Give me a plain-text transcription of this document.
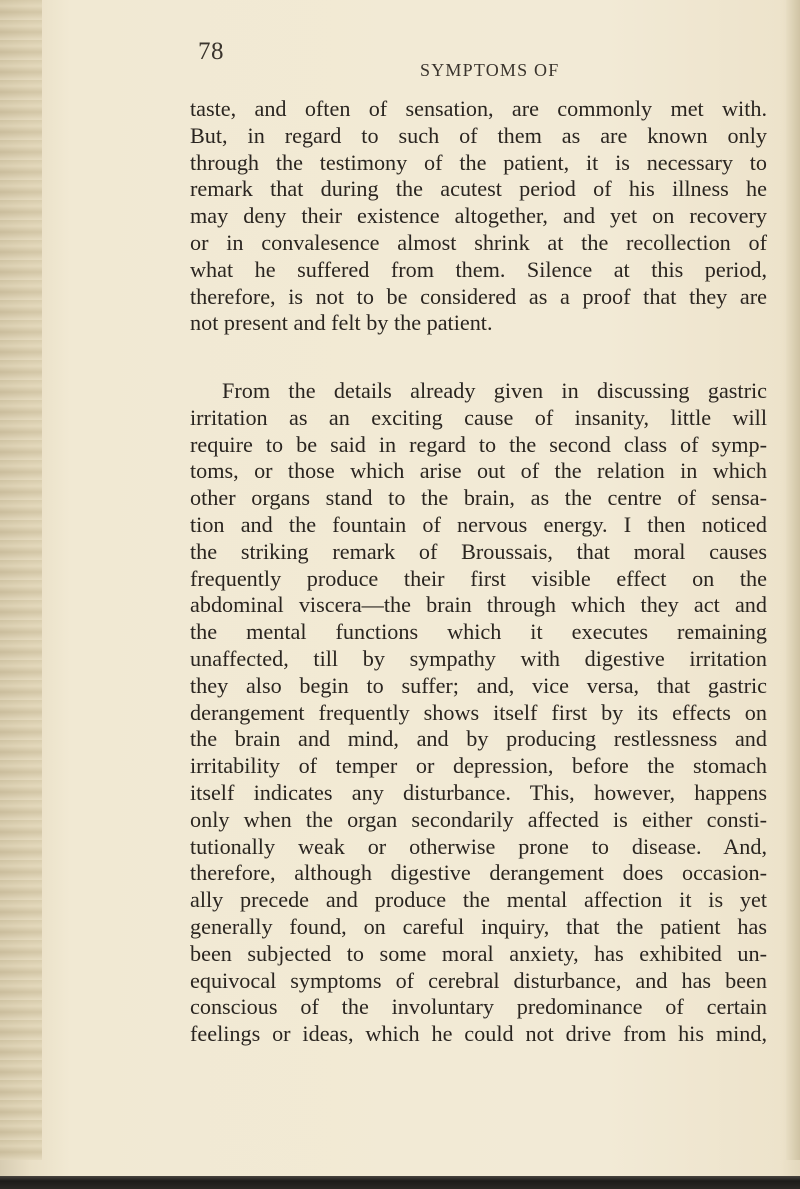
78
SYMPTOMS OF
taste, and often of sensation, are commonly met with.
But, in regard to such of them as are known only
through the testimony of the patient, it is necessary to
remark that during the acutest period of his illness he
may deny their existence altogether, and yet on recovery
or in convalesence almost shrink at the recollection of
what he suffered from them. Silence at this period,
therefore, is not to be considered as a proof that they are
not present and felt by the patient.
From the details already given in discussing gastric
irritation as an exciting cause of insanity, little will
require to be said in regard to the second class of symp-
toms, or those which arise out of the relation in which
other organs stand to the brain, as the centre of sensa-
tion and the fountain of nervous energy. I then noticed
the striking remark of Broussais, that moral causes
frequently produce their first visible effect on the
abdominal viscera—the brain through which they act and
the mental functions which it executes remaining
unaffected, till by sympathy with digestive irritation
they also begin to suffer; and, vice versa, that gastric
derangement frequently shows itself first by its effects on
the brain and mind, and by producing restlessness and
irritability of temper or depression, before the stomach
itself indicates any disturbance. This, however, happens
only when the organ secondarily affected is either consti-
tutionally weak or otherwise prone to disease. And,
therefore, although digestive derangement does occasion-
ally precede and produce the mental affection it is yet
generally found, on careful inquiry, that the patient has
been subjected to some moral anxiety, has exhibited un-
equivocal symptoms of cerebral disturbance, and has been
conscious of the involuntary predominance of certain
feelings or ideas, which he could not drive from his mind,
